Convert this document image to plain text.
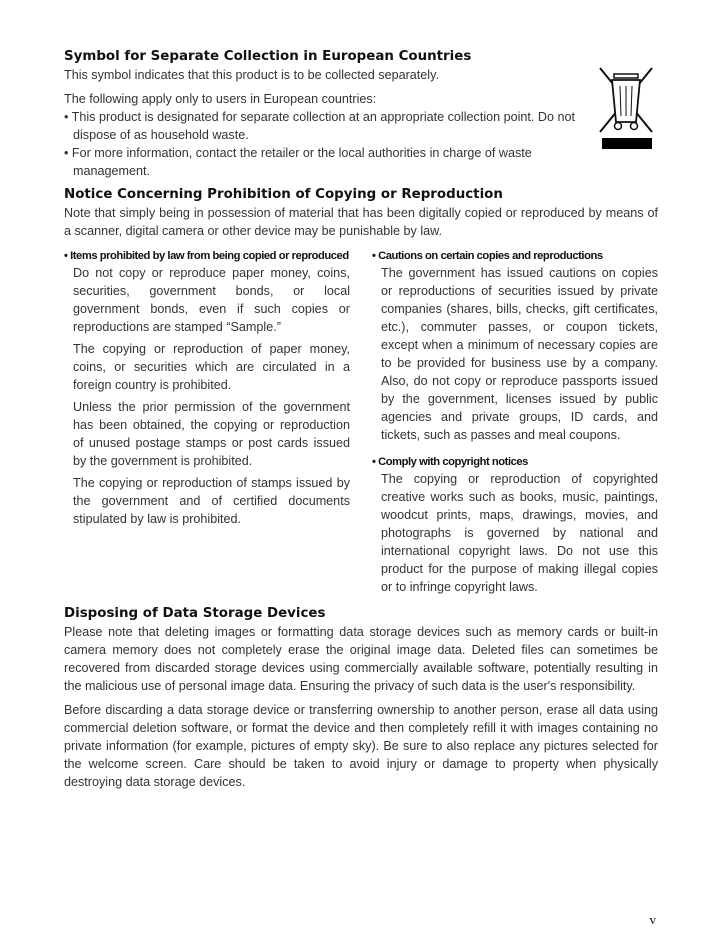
Symbol for Separate Collection in European Countries

This symbol indicates that this product is to be collected separately.

The following apply only to users in European countries:

• This product is designated for separate collection at an appropriate collection point. Do not dispose of as household waste.

• For more information, contact the retailer or the local authorities in charge of waste management.

Notice Concerning Prohibition of Copying or Reproduction

Note that simply being in possession of material that has been digitally copied or reproduced by means of a scanner, digital camera or other device may be punishable by law.

• Items prohibited by law from being copied or reproduced

Do not copy or reproduce paper money, coins, securities, government bonds, or local government bonds, even if such copies or reproductions are stamped “Sample.”

The copying or reproduction of paper money, coins, or securities which are circulated in a foreign country is prohibited.

Unless the prior permission of the government has been obtained, the copying or reproduction of unused postage stamps or post cards issued by the government is prohibited.

The copying or reproduction of stamps issued by the government and of certified documents stipulated by law is prohibited.

• Cautions on certain copies and reproductions

The government has issued cautions on copies or reproductions of securities issued by private companies (shares, bills, checks, gift certificates, etc.), commuter passes, or coupon tickets, except when a minimum of necessary copies are to be provided for business use by a company. Also, do not copy or reproduce passports issued by the government, licenses issued by public agencies and private groups, ID cards, and tickets, such as passes and meal coupons.

• Comply with copyright notices

The copying or reproduction of copyrighted creative works such as books, music, paintings, woodcut prints, maps, drawings, movies, and photographs is governed by national and international copyright laws. Do not use this product for the purpose of making illegal copies or to infringe copyright laws.

Disposing of Data Storage Devices

Please note that deleting images or formatting data storage devices such as memory cards or built-in camera memory does not completely erase the original image data. Deleted files can sometimes be recovered from discarded storage devices using commercially available software, potentially resulting in the malicious use of personal image data. Ensuring the privacy of such data is the user's responsibility.

Before discarding a data storage device or transferring ownership to another person, erase all data using commercial deletion software, or format the device and then completely refill it with images containing no private information (for example, pictures of empty sky). Be sure to also replace any pictures selected for the welcome screen. Care should be taken to avoid injury or damage to property when physically destroying data storage devices.

v
